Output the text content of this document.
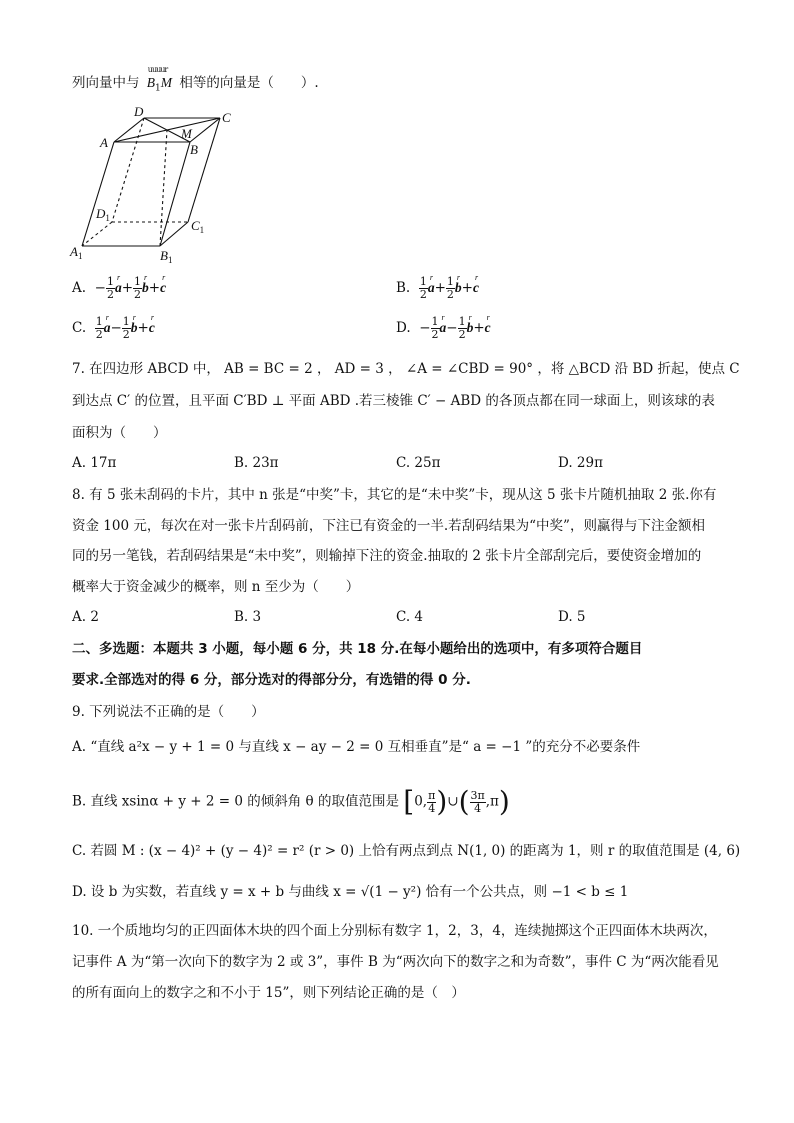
列向量中与
uuuur
$B_1M$ 相等的向量是（　　）.
D	C
A
M
B
$D_1$	$C_1$
$A_1$	$B_1$
A. − $\frac{1}{2}$ r
$a+ \frac{1}{2}$ r
b+
r
c	B. $\frac{1}{2}$ r
$a+ \frac{1}{2}$ r
b+
r
c
C. $\frac{1}{2}$ r
$a- \frac{1}{2}$ r
b+
r
c	D. − $\frac{1}{2}$ r
$a- \frac{1}{2}$ r
b+
r
c
7. 在四边形 ABCD 中， AB = BC = 2 ， AD = 3 ， ∠A = ∠CBD = 90° ，将 △BCD 沿 BD 折起，使点 C
到达点 C′ 的位置，且平面 C′BD ⊥ 平面 ABD .若三棱锥 C′ − ABD 的各顶点都在同一球面上，则该球的表
面积为（　　）
A. 17π	B. 23π	C. 25π	D. 29π
8. 有 5 张未刮码的卡片，其中 n 张是“中奖”卡，其它的是“未中奖”卡，现从这 5 张卡片随机抽取 2 张.你有
资金 100 元，每次在对一张卡片刮码前，下注已有资金的一半.若刮码结果为“中奖”，则赢得与下注金额相
同的另一笔钱，若刮码结果是“未中奖”，则输掉下注的资金.抽取的 2 张卡片全部刮完后，要使资金增加的
概率大于资金减少的概率，则 n 至少为（　　）
A. 2	B. 3	C. 4	D. 5
二、多选题：本题共 3 小题，每小题 6 分，共 18 分.在每小题给出的选项中，有多项符合题目
要求.全部选对的得 6 分，部分选对的得部分分，有选错的得 0 分.
9. 下列说法不正确的是（　　）
A. “直线 a²x − y + 1 = 0 与直线 x − ay − 2 = 0 互相垂直”是“ a = −1 ”的充分不必要条件
B. 直线 xsinα + y + 2 = 0 的倾斜角 θ 的取值范围是 [0, $\frac{\pi}{4}$ )∪( $\frac{3\pi}{4} ,\pi$)
C. 若圆 M : (x − 4)² + (y − 4)² = r² (r > 0) 上恰有两点到点 N(1, 0) 的距离为 1，则 r 的取值范围是 (4, 6)
D. 设 b 为实数，若直线 y = x + b 与曲线 x = √(1 − y²) 恰有一个公共点，则 −1 < b ≤ 1
10. 一个质地均匀的正四面体木块的四个面上分别标有数字 1，2，3，4，连续抛掷这个正四面体木块两次，
记事件 A 为“第一次向下的数字为 2 或 3”，事件 B 为“两次向下的数字之和为奇数”，事件 C 为“两次能看见
的所有面向上的数字之和不小于 15”，则下列结论正确的是（　）
